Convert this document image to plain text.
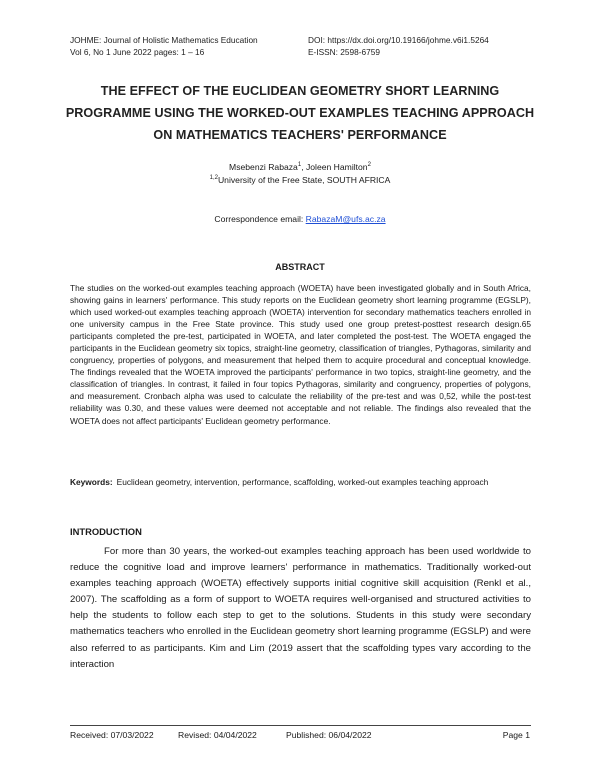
JOHME: Journal of Holistic Mathematics Education
Vol 6, No 1 June 2022 pages: 1 – 16
DOI: https://dx.doi.org/10.19166/johme.v6i1.5264
E-ISSN: 2598-6759
THE EFFECT OF THE EUCLIDEAN GEOMETRY SHORT LEARNING PROGRAMME USING THE WORKED-OUT EXAMPLES TEACHING APPROACH ON MATHEMATICS TEACHERS' PERFORMANCE
Msebenzi Rabaza$^1$, Joleen Hamilton$^2$
$^{1,2}$University of the Free State, SOUTH AFRICA
Correspondence email: RabazaM@ufs.ac.za
ABSTRACT
The studies on the worked-out examples teaching approach (WOETA) have been investigated globally and in South Africa, showing gains in learners' performance. This study reports on the Euclidean geometry short learning programme (EGSLP), which used worked-out examples teaching approach (WOETA) intervention for secondary mathematics teachers enrolled in one university campus in the Free State province. This study used one group pretest-posttest research design.65 participants completed the pre-test, participated in WOETA, and later completed the post-test. The WOETA engaged the participants in the Euclidean geometry six topics, straight-line geometry, classification of triangles, Pythagoras, similarity and congruency, properties of polygons, and measurement that helped them to acquire procedural and conceptual knowledge. The findings revealed that the WOETA improved the participants' performance in two topics, straight-line geometry, and the classification of triangles. In contrast, it failed in four topics Pythagoras, similarity and congruency, properties of polygons, and measurement. Cronbach alpha was used to calculate the reliability of the pre-test and was 0,52, while the post-test reliability was 0.30, and these values were deemed not acceptable and not reliable. The findings also revealed that the WOETA does not affect participants' Euclidean geometry performance.
Keywords: Euclidean geometry, intervention, performance, scaffolding, worked-out examples teaching approach
INTRODUCTION
For more than 30 years, the worked-out examples teaching approach has been used worldwide to reduce the cognitive load and improve learners' performance in mathematics. Traditionally worked-out examples teaching approach (WOETA) effectively supports initial cognitive skill acquisition (Renkl et al., 2007). The scaffolding as a form of support to WOETA requires well-organised and structured activities to help the students to follow each step to get to the solutions. Students in this study were secondary mathematics teachers who enrolled in the Euclidean geometry short learning programme (EGSLP) and were also referred to as participants. Kim and Lim (2019 assert that the scaffolding types vary according to the interaction
Received: 07/03/2022	Revised: 04/04/2022	Published: 06/04/2022	Page 1
